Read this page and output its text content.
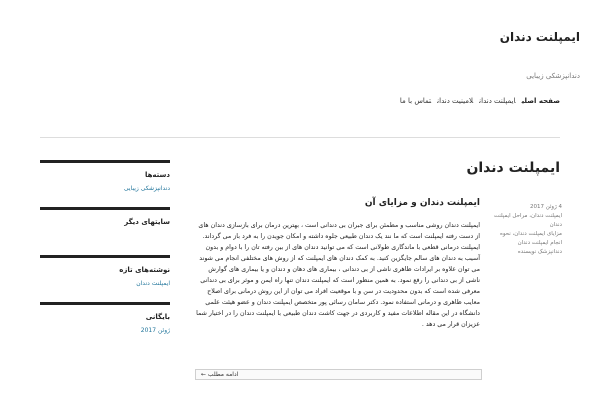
ایمپلنت دندان
دندانپزشکی زیبایی
صفحه اصلیایمپلنت دندانلامینیت دندانتماس با ما
دسته‌ها
دندانپزشکی زیبایی
سایتهای دیگر
نوشته‌های تازه
ایمپلنت دندان
بایگانی
ژوئن 2017
ایمپلنت دندان
4 ژوئن 2017
ایمپلنت دندان، مراحل ایمپلنت دندان
مزایای ایمپلنت دندان، نحوه انجام ایمپلنت دندان
دندانپزشک نویسنده
ایمپلنت دندان و مزایای آن

ایمپلنت دندان روشی مناسب و مطمئن برای جبران بی دندانی است ، بهترین درمان برای بازسازی دندان های از دست رفته ایمپلنت است که ما نند یک دندان طبیعی جلوه داشته و امکان جویدن را به فرد باز می گرداند. ایمپلنت درمانی قطعی با ماندگاری طولانی است که می توانید دندان های از بین رفته تان را با دوام و بدون آسیب به دندان های سالم جایگزین کنید. به کمک دندان های ایمپلنت که از روش های مختلفی انجام می شوند می توان علاوه بر ایرادات ظاهری ناشی از بی دندانی ، بیماری های دهان و دندان و یا بیماری های گوارش ناشی از بی دندانی را رفع نمود. به همین منظور است که ایمپلنت دندان تنها راه ایمن و موثر برای بی دندانی معرفی شده است که بدون محدودیت در سن و با موقعیت افراد می توان از این روش درمانی برای اصلاح معایب ظاهری و درمانی استفاده نمود. دکتر سامان رسائی پور متخصص ایمپلنت دندان و عضو هیئت علمی دانشگاه در این مقاله اطلاعات مفید و کاربردی در جهت کاشت دندان طبیعی با ایمپلنت دندان را در اختیار شما عزیزان قرار می دهد .

ادامه مطلب ←
